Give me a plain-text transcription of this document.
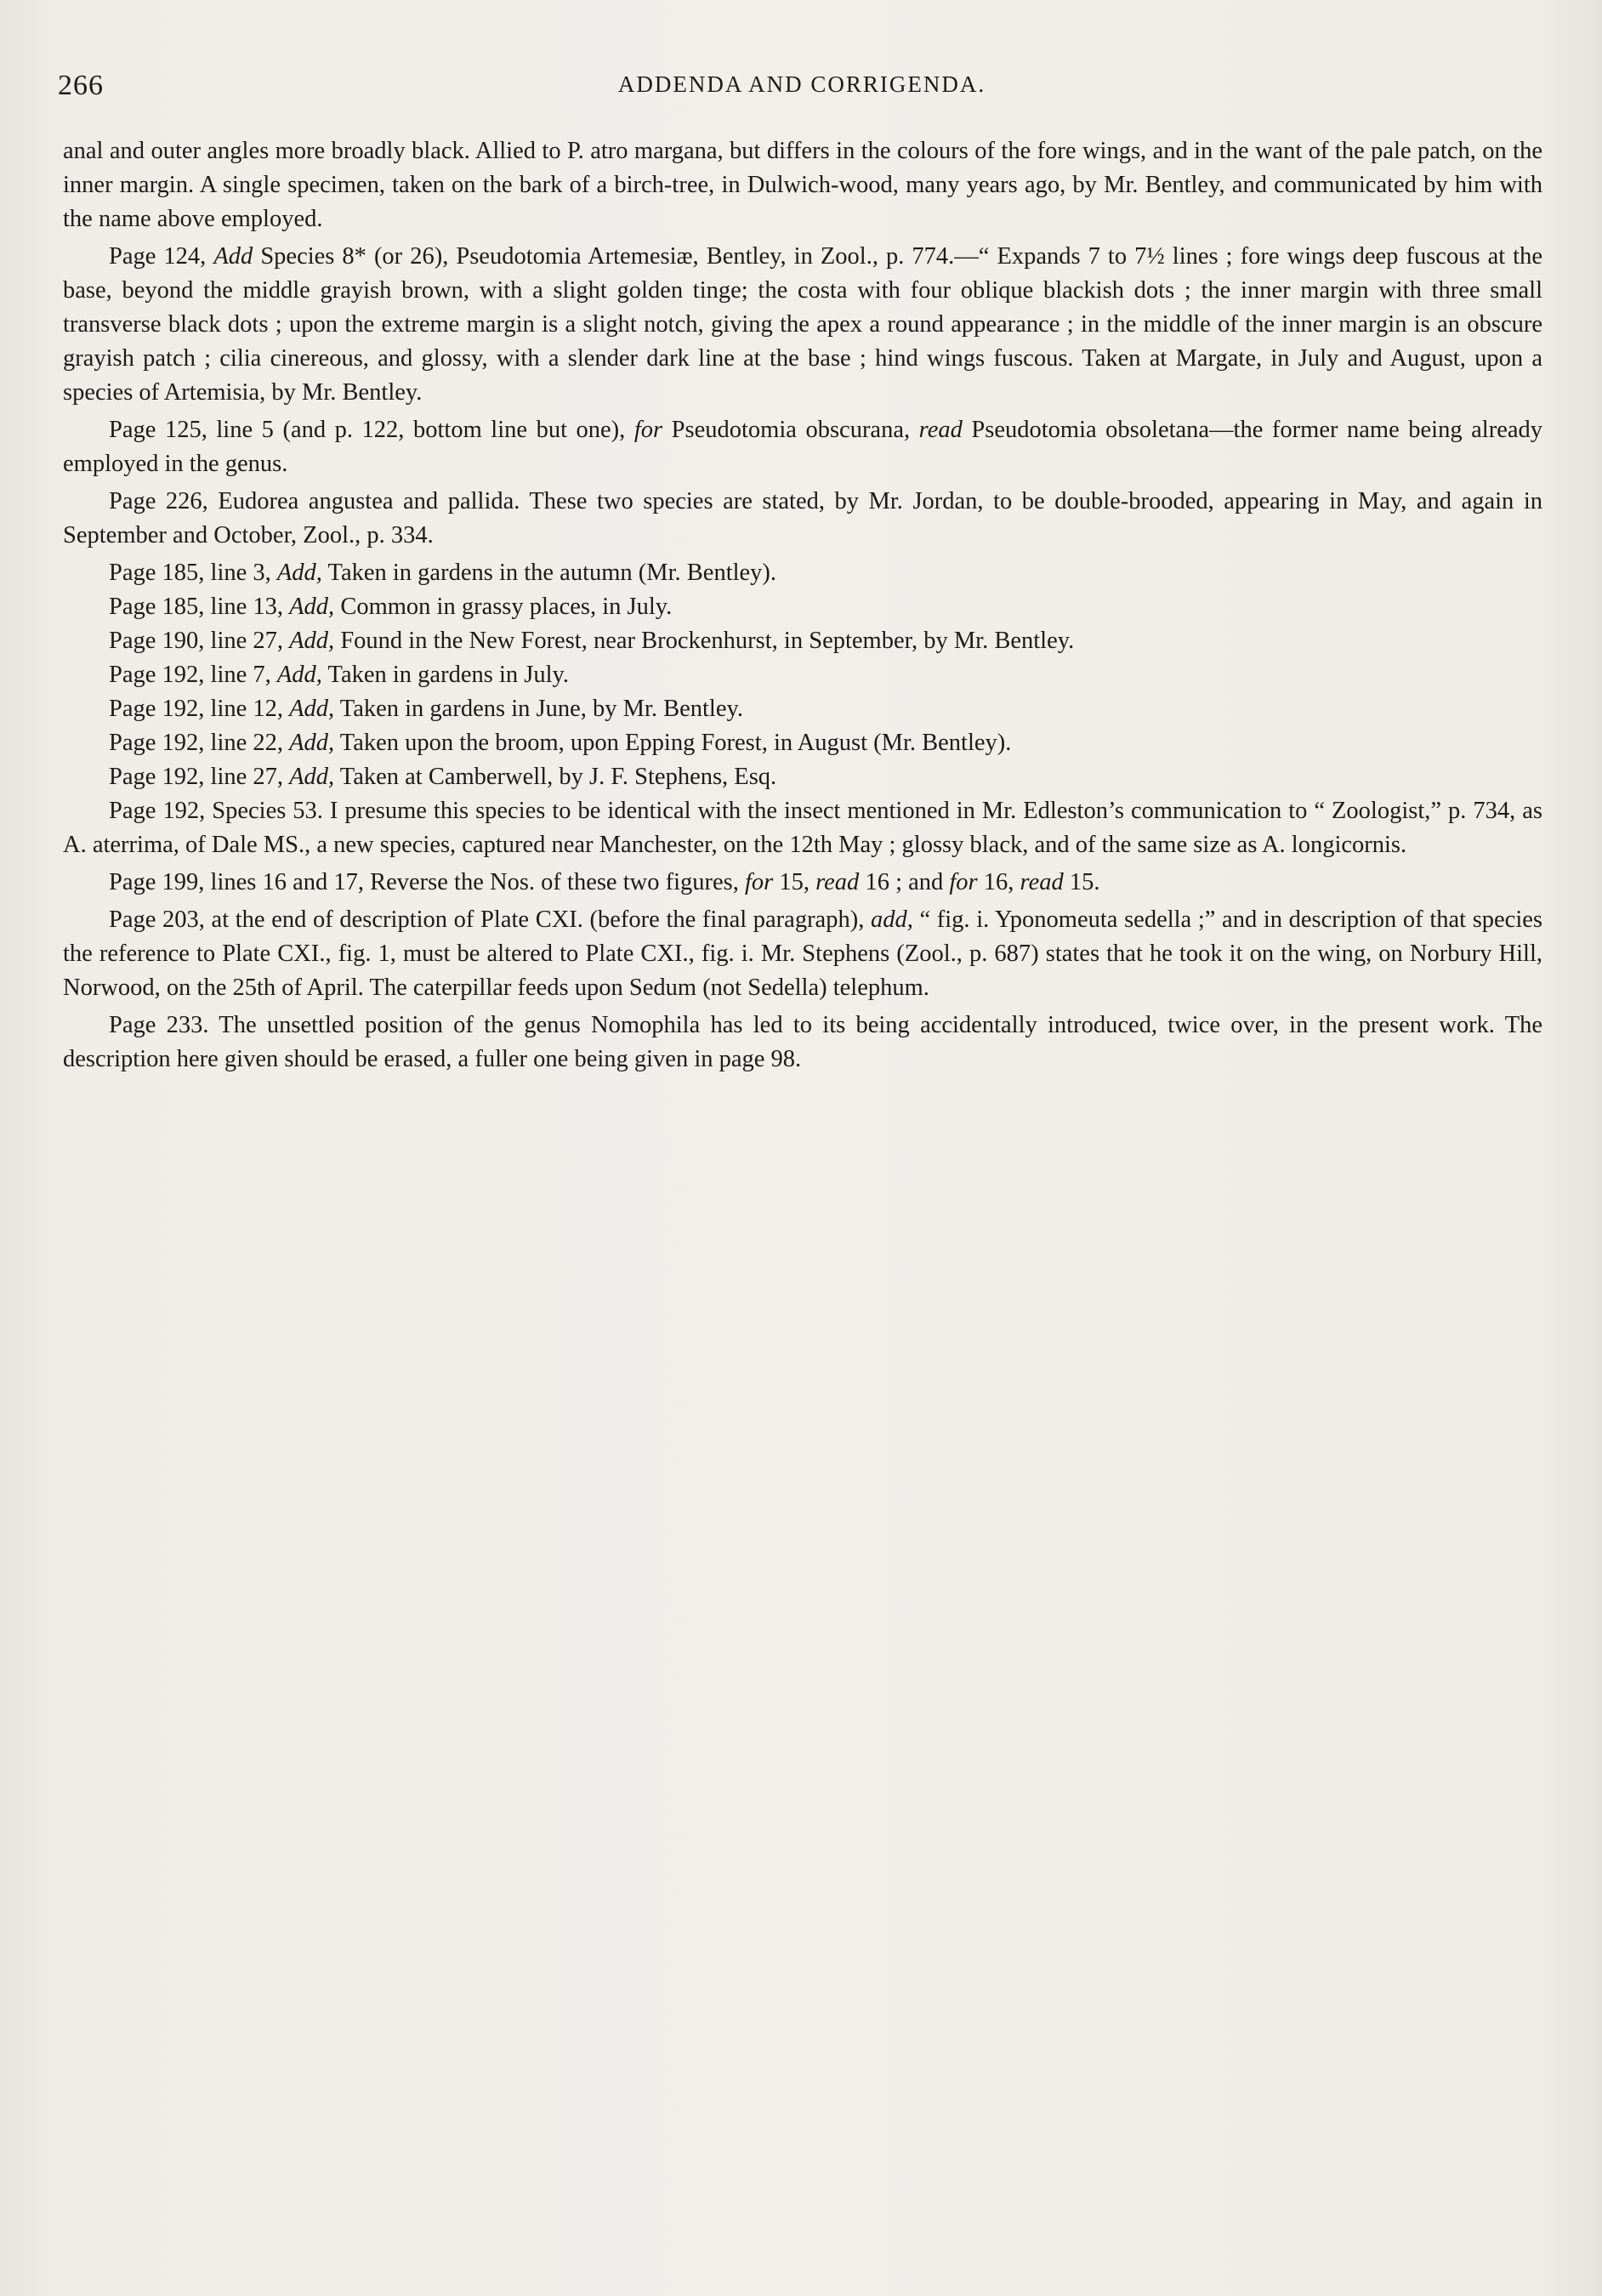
266	ADDENDA AND CORRIGENDA.

anal and outer angles more broadly black. Allied to P. atro margana, but differs in the colours of the fore wings, and in the want of the pale patch, on the inner margin. A single specimen, taken on the bark of a birch-tree, in Dulwich-wood, many years ago, by Mr. Bentley, and communicated by him with the name above employed.

Page 124, Add Species 8* (or 26), Pseudotomia Artemesiæ, Bentley, in Zool., p. 774.—“ Expands 7 to 7½ lines ; fore wings deep fuscous at the base, beyond the middle grayish brown, with a slight golden tinge; the costa with four oblique blackish dots ; the inner margin with three small transverse black dots ; upon the extreme margin is a slight notch, giving the apex a round appearance ; in the middle of the inner margin is an obscure grayish patch ; cilia cinereous, and glossy, with a slender dark line at the base ; hind wings fuscous. Taken at Margate, in July and August, upon a species of Artemisia, by Mr. Bentley.

Page 125, line 5 (and p. 122, bottom line but one), for Pseudotomia obscurana, read Pseudotomia obsoletana—the former name being already employed in the genus.

Page 226, Eudorea angustea and pallida. These two species are stated, by Mr. Jordan, to be double-brooded, appearing in May, and again in September and October, Zool., p. 334.

Page 185, line 3, Add, Taken in gardens in the autumn (Mr. Bentley).

Page 185, line 13, Add, Common in grassy places, in July.

Page 190, line 27, Add, Found in the New Forest, near Brockenhurst, in September, by Mr. Bentley.

Page 192, line 7, Add, Taken in gardens in July.

Page 192, line 12, Add, Taken in gardens in June, by Mr. Bentley.

Page 192, line 22, Add, Taken upon the broom, upon Epping Forest, in August (Mr. Bentley).

Page 192, line 27, Add, Taken at Camberwell, by J. F. Stephens, Esq.

Page 192, Species 53. I presume this species to be identical with the insect mentioned in Mr. Edleston’s communication to “ Zoologist,” p. 734, as A. aterrima, of Dale MS., a new species, captured near Manchester, on the 12th May ; glossy black, and of the same size as A. longicornis.

Page 199, lines 16 and 17, Reverse the Nos. of these two figures, for 15, read 16 ; and for 16, read 15.

Page 203, at the end of description of Plate CXI. (before the final paragraph), add, “ fig. i. Yponomeuta sedella ;” and in description of that species the reference to Plate CXI., fig. 1, must be altered to Plate CXI., fig. i. Mr. Stephens (Zool., p. 687) states that he took it on the wing, on Norbury Hill, Norwood, on the 25th of April. The caterpillar feeds upon Sedum (not Sedella) telephum.

Page 233. The unsettled position of the genus Nomophila has led to its being accidentally introduced, twice over, in the present work. The description here given should be erased, a fuller one being given in page 98.
